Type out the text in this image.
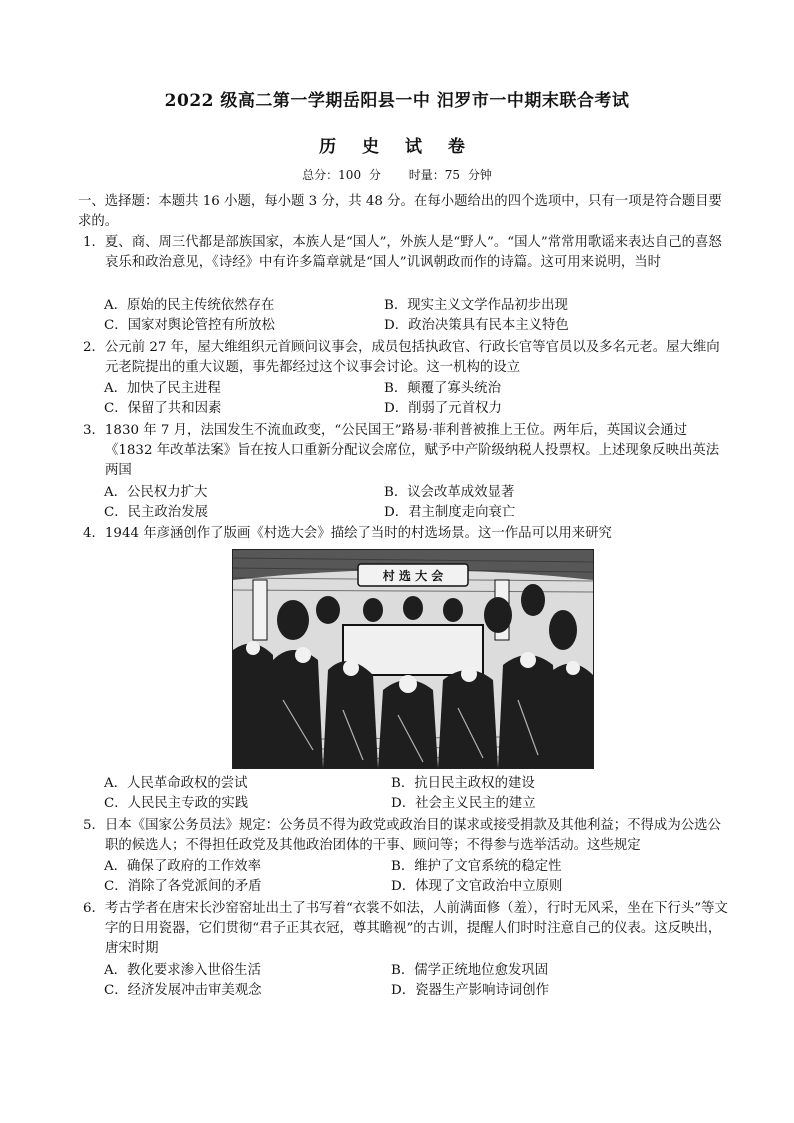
2022 级高二第一学期岳阳县一中 汨罗市一中期末联合考试
历 史 试 卷
总分：100 分 时量：75 分钟
一、选择题：本题共 16 小题，每小题 3 分，共 48 分。在每小题给出的四个选项中，只有一项是符合题目要求的。
1．夏、商、周三代都是部族国家，本族人是“国人”，外族人是“野人”。“国人”常常用歌谣来表达自己的喜怒哀乐和政治意见，《诗经》中有许多篇章就是“国人”讥讽朝政而作的诗篇。这可用来说明，当时
A．原始的民主传统依然存在	B．现实主义文学作品初步出现
C．国家对舆论管控有所放松	D．政治决策具有民本主义特色
2．公元前 27 年，屋大维组织元首顾问议事会，成员包括执政官、行政长官等官员以及多名元老。屋大维向元老院提出的重大议题，事先都经过这个议事会讨论。这一机构的设立
A．加快了民主进程	B．颠覆了寡头统治
C．保留了共和因素	D．削弱了元首权力
3．1830 年 7 月，法国发生不流血政变，“公民国王”路易·菲利普被推上王位。两年后，英国议会通过《1832 年改革法案》旨在按人口重新分配议会席位，赋予中产阶级纳税人投票权。上述现象反映出英法两国
A．公民权力扩大	B．议会改革成效显著
C．民主政治发展	D．君主制度走向衰亡
4．1944 年彦涵创作了版画《村选大会》描绘了当时的村选场景。这一作品可以用来研究
村 选 大 会
A．人民革命政权的尝试	B．抗日民主政权的建设
C．人民民主专政的实践	D．社会主义民主的建立
5．日本《国家公务员法》规定：公务员不得为政党或政治目的谋求或接受捐款及其他利益；不得成为公选公职的候选人；不得担任政党及其他政治团体的干事、顾问等；不得参与选举活动。这些规定
A．确保了政府的工作效率	B．维护了文官系统的稳定性
C．消除了各党派间的矛盾	D．体现了文官政治中立原则
6．考古学者在唐宋长沙窑窑址出土了书写着“衣裳不如法，人前满面修（羞），行时无风采，坐在下行头”等文字的日用瓷器，它们贯彻“君子正其衣冠，尊其瞻视”的古训，提醒人们时时注意自己的仪表。这反映出，唐宋时期
A．教化要求渗入世俗生活	B．儒学正统地位愈发巩固
C．经济发展冲击审美观念	D．瓷器生产影响诗词创作
